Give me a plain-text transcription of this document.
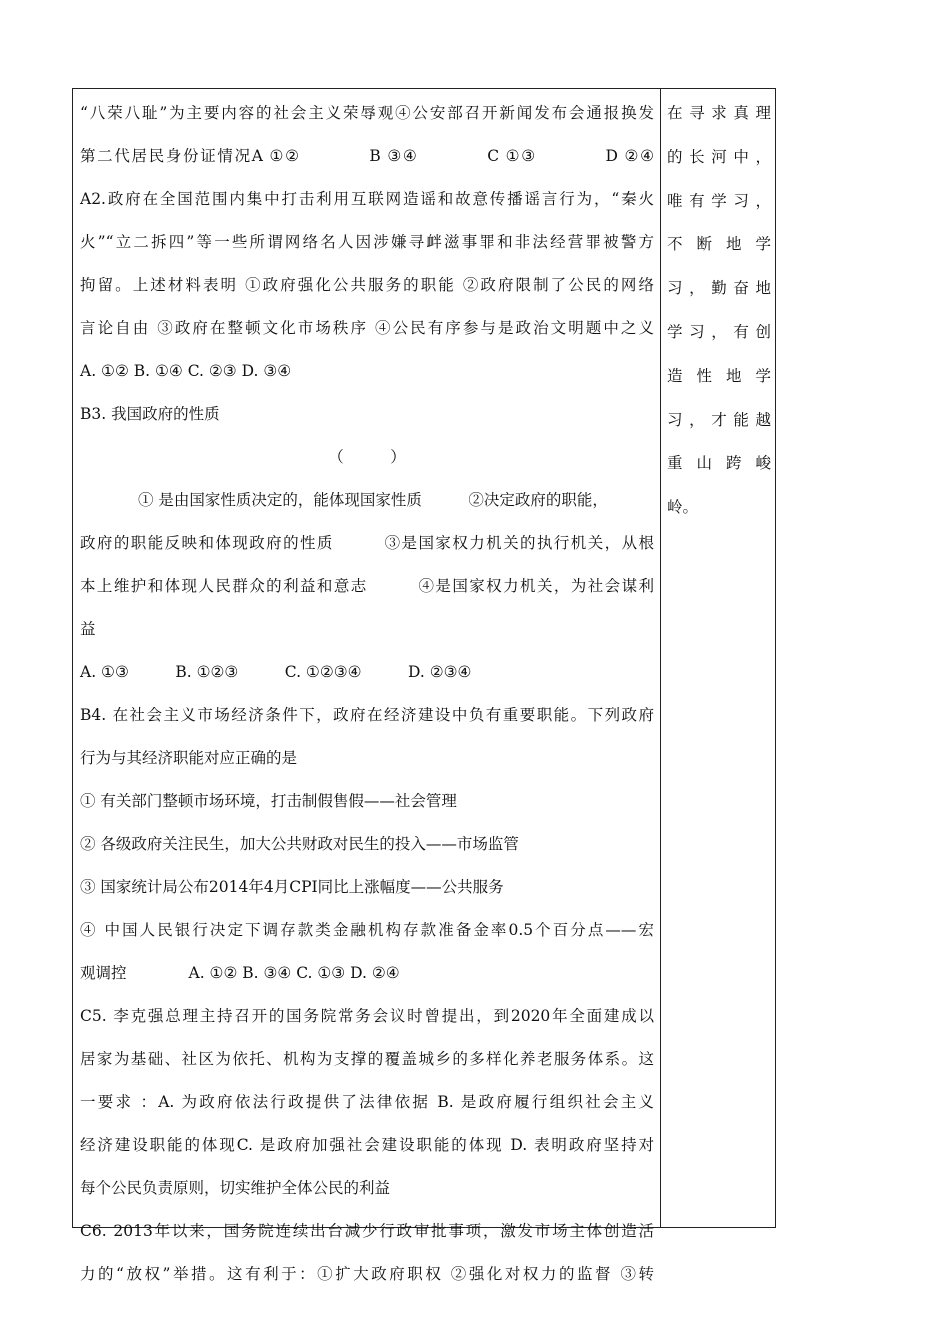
“八荣八耻”为主要内容的社会主义荣辱观④公安部召开新闻发布会通报换发
第二代居民身份证情况A ①②　　　　B ③④　　　　C ①③　　　　D ②④
A2.政府在全国范围内集中打击利用互联网造谣和故意传播谣言行为，“秦火
火”“立二拆四”等一些所谓网络名人因涉嫌寻衅滋事罪和非法经营罪被警方
拘留。上述材料表明 ①政府强化公共服务的职能 ②政府限制了公民的网络
言论自由 ③政府在整顿文化市场秩序 ④公民有序参与是政治文明题中之义
A. ①② B. ①④ C. ②③ D. ③④
B3. 我国政府的性质
（　　　）
① 是由国家性质决定的，能体现国家性质　　　②决定政府的职能，
政府的职能反映和体现政府的性质　　　③是国家权力机关的执行机关，从根
本上维护和体现人民群众的利益和意志　　　④是国家权力机关，为社会谋利
益
A. ①③　　　B. ①②③　　　C. ①②③④　　　D. ②③④
B4. 在社会主义市场经济条件下，政府在经济建设中负有重要职能。下列政府
行为与其经济职能对应正确的是
① 有关部门整顿市场环境，打击制假售假——社会管理
② 各级政府关注民生，加大公共财政对民生的投入——市场监管
③ 国家统计局公布2014年4月CPI同比上涨幅度——公共服务
④ 中国人民银行决定下调存款类金融机构存款准备金率0.5个百分点——宏
观调控　　　　A. ①② B. ③④ C. ①③ D. ②④
C5. 李克强总理主持召开的国务院常务会议时曾提出，到2020年全面建成以
居家为基础、社区为依托、机构为支撑的覆盖城乡的多样化养老服务体系。这
一要求 ：A. 为政府依法行政提供了法律依据 B. 是政府履行组织社会主义
经济建设职能的体现C. 是政府加强社会建设职能的体现 D. 表明政府坚持对
每个公民负责原则，切实维护全体公民的利益
C6. 2013年以来，国务院连续出台减少行政审批事项，激发市场主体创造活
力的“放权”举措。这有利于：①扩大政府职权 ②强化对权力的监督 ③转
在寻求真理
的长河中，
唯有学习，
不断地学
习，勤奋地
学习，有创
造性地学
习，才能越
重山跨峻
岭。
